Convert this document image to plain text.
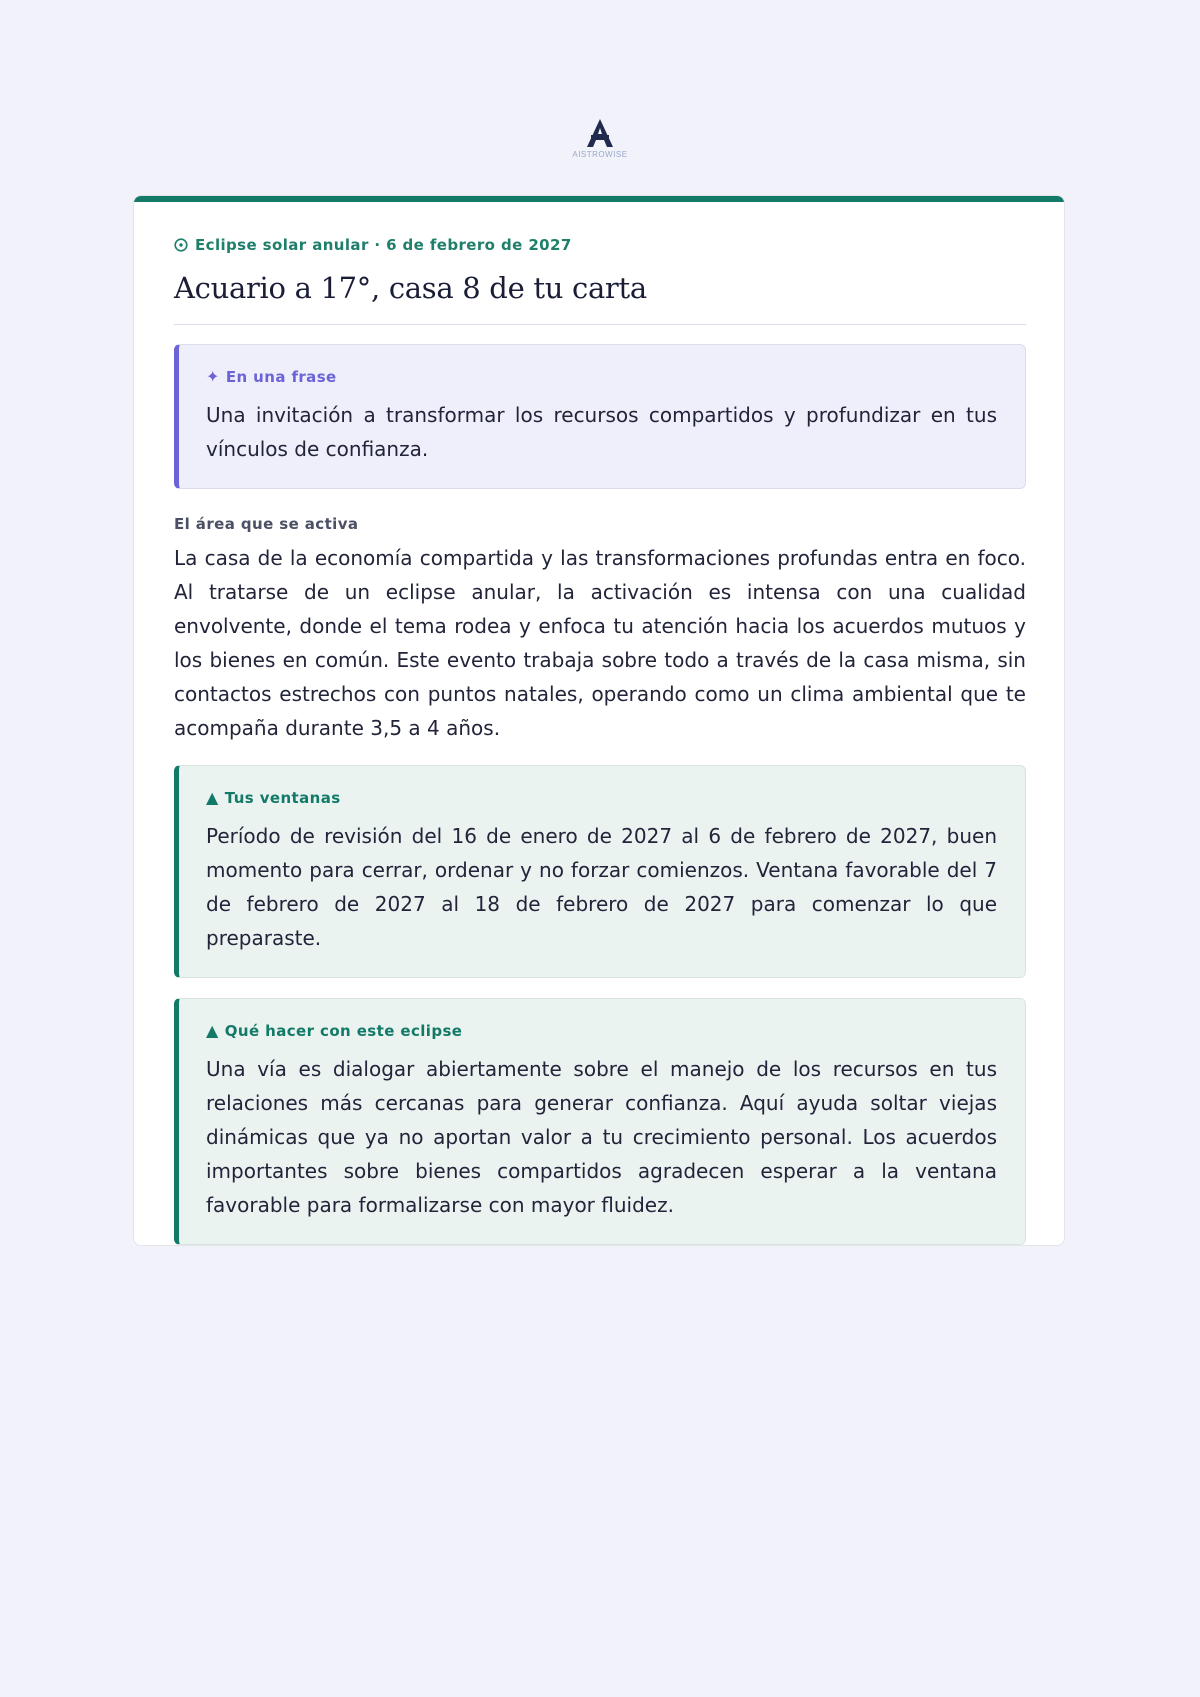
AISTROWISE
Eclipse solar anular · 6 de febrero de 2027
Acuario a 17°, casa 8 de tu carta
✦ En una frase
Una invitación a transformar los recursos compartidos y profundizar en tus vínculos de confianza.
El área que se activa
La casa de la economía compartida y las transformaciones profundas entra en foco. Al tratarse de un eclipse anular, la activación es intensa con una cualidad envolvente, donde el tema rodea y enfoca tu atención hacia los acuerdos mutuos y los bienes en común. Este evento trabaja sobre todo a través de la casa misma, sin contactos estrechos con puntos natales, operando como un clima ambiental que te acompaña durante 3,5 a 4 años.
▲ Tus ventanas
Período de revisión del 16 de enero de 2027 al 6 de febrero de 2027, buen momento para cerrar, ordenar y no forzar comienzos. Ventana favorable del 7 de febrero de 2027 al 18 de febrero de 2027 para comenzar lo que preparaste.
▲ Qué hacer con este eclipse
Una vía es dialogar abiertamente sobre el manejo de los recursos en tus relaciones más cercanas para generar confianza. Aquí ayuda soltar viejas dinámicas que ya no aportan valor a tu crecimiento personal. Los acuerdos importantes sobre bienes compartidos agradecen esperar a la ventana favorable para formalizarse con mayor fluidez.
